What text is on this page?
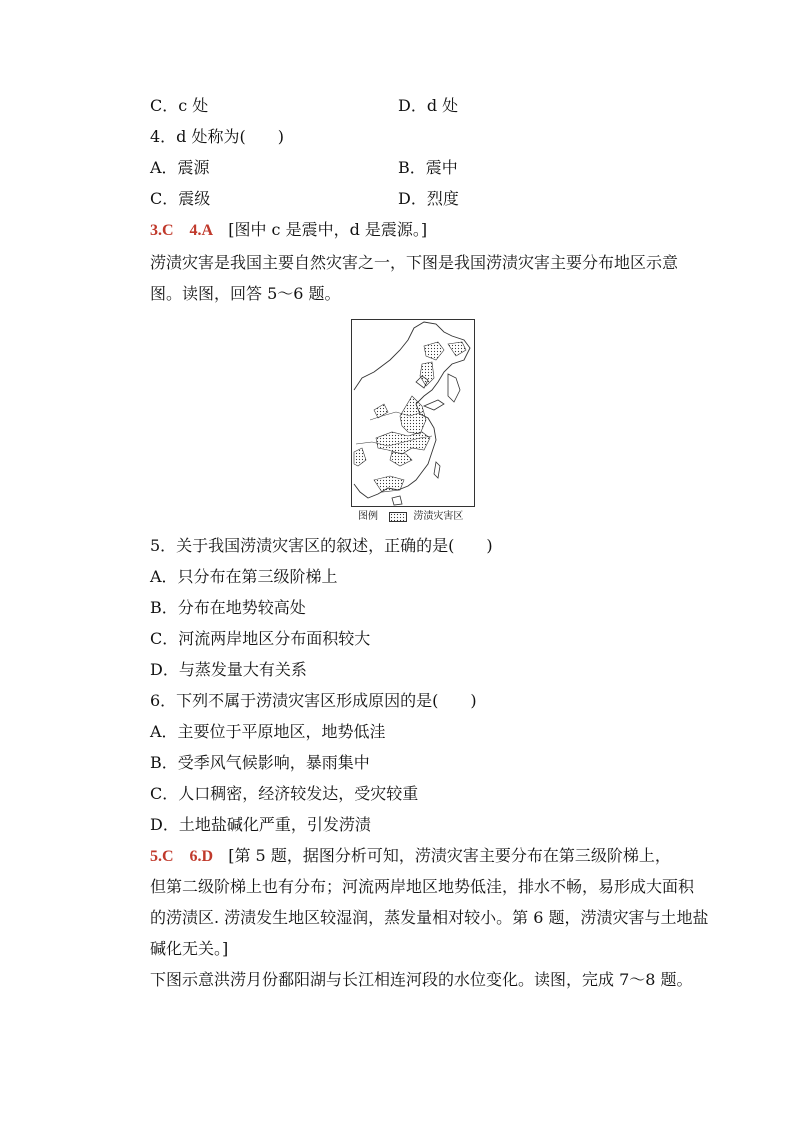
C．c 处	D．d 处
4．d 处称为(　　)
A．震源	B．震中
C．震级	D．烈度
3.C　4.A [图中 c 是震中，d 是震源。]
涝渍灾害是我国主要自然灾害之一，下图是我国涝渍灾害主要分布地区示意
图。读图，回答 5～6 题。
图例	涝渍灾害区
5．关于我国涝渍灾害区的叙述，正确的是(　　)
A．只分布在第三级阶梯上
B．分布在地势较高处
C．河流两岸地区分布面积较大
D．与蒸发量大有关系
6．下列不属于涝渍灾害区形成原因的是(　　)
A．主要位于平原地区，地势低洼
B．受季风气候影响，暴雨集中
C．人口稠密，经济较发达，受灾较重
D．土地盐碱化严重，引发涝渍
5.C　6.D [第 5 题，据图分析可知，涝渍灾害主要分布在第三级阶梯上，
但第二级阶梯上也有分布；河流两岸地区地势低洼，排水不畅，易形成大面积
的涝渍区. 涝渍发生地区较湿润，蒸发量相对较小。第 6 题，涝渍灾害与土地盐
碱化无关。]
下图示意洪涝月份鄱阳湖与长江相连河段的水位变化。读图，完成 7～8 题。
